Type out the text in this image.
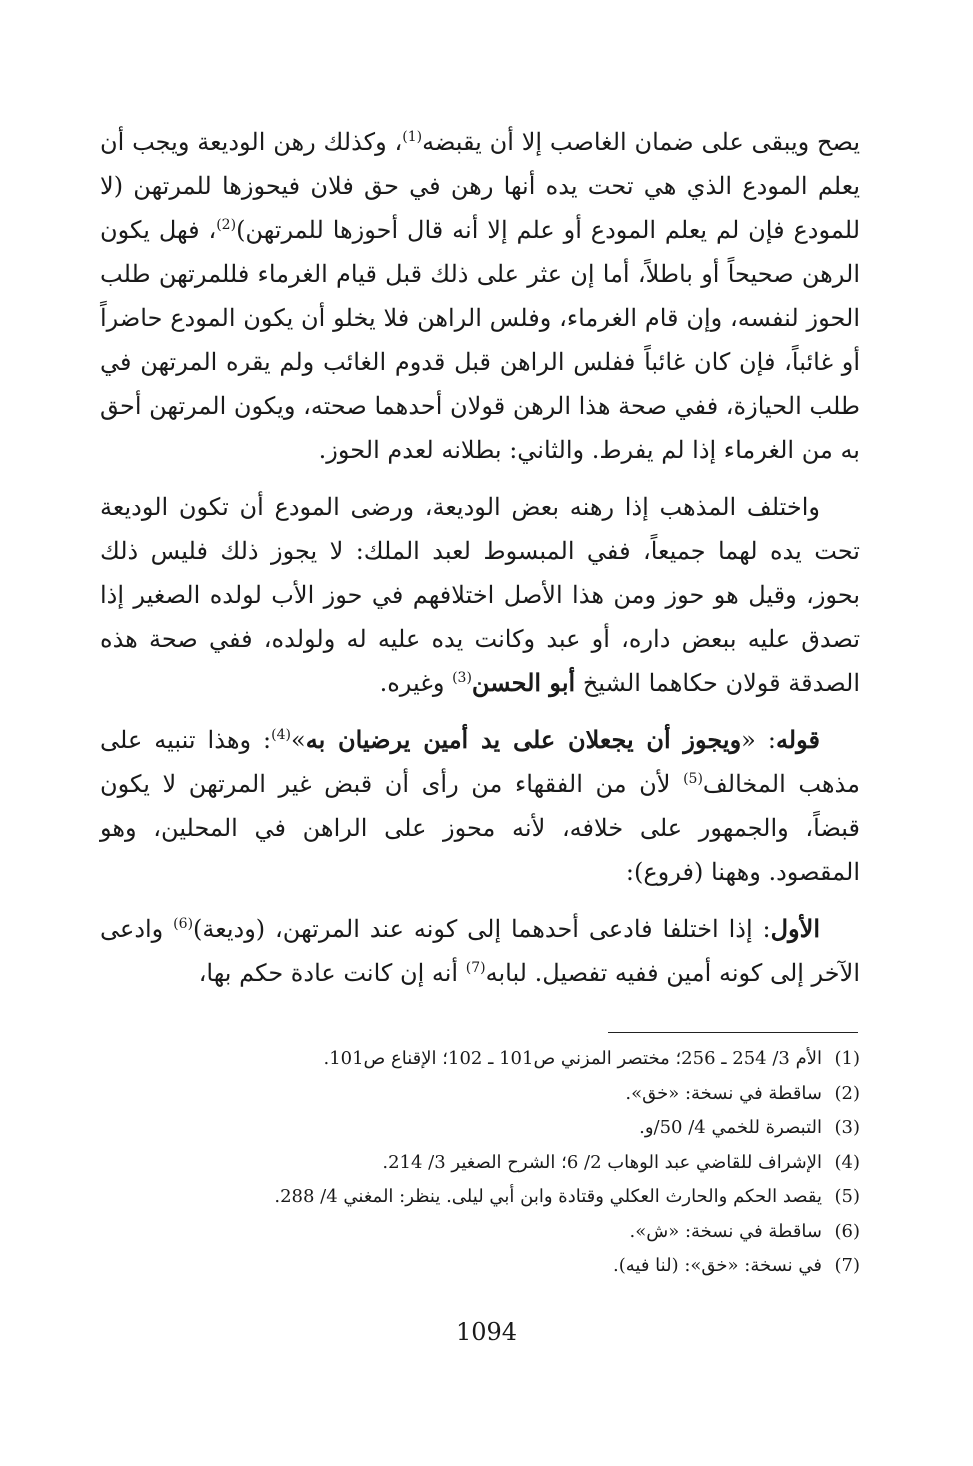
يصح ويبقى على ضمان الغاصب إلا أن يقبضه$^{(1)}$، وكذلك رهن الوديعة ويجب أن يعلم المودع الذي هي تحت يده أنها رهن في حق فلان فيحوزها للمرتهن (لا للمودع فإن لم يعلم المودع أو علم إلا أنه قال أحوزها للمرتهن)$^{(2)}$، فهل يكون الرهن صحيحاً أو باطلاً، أما إن عثر على ذلك قبل قيام الغرماء فللمرتهن طلب الحوز لنفسه، وإن قام الغرماء، وفلس الراهن فلا يخلو أن يكون المودع حاضراً أو غائباً، فإن كان غائباً ففلس الراهن قبل قدوم الغائب ولم يقره المرتهن في طلب الحيازة، ففي صحة هذا الرهن قولان أحدهما صحته، ويكون المرتهن أحق به من الغرماء إذا لم يفرط. والثاني: بطلانه لعدم الحوز.

واختلف المذهب إذا رهنه بعض الوديعة، ورضى المودع أن تكون الوديعة تحت يده لهما جميعاً، ففي المبسوط لعبد الملك: لا يجوز ذلك فليس ذلك بحوز، وقيل هو حوز ومن هذا الأصل اختلافهم في حوز الأب لولده الصغير إذا تصدق عليه ببعض داره، أو عبد وكانت يده عليه له ولولده، ففي صحة هذه الصدقة قولان حكاهما الشيخ أبو الحسن$^{(3)}$ وغيره.

قوله: «ويجوز أن يجعلان على يد أمين يرضيان به»$^{(4)}$: وهذا تنبيه على مذهب المخالف$^{(5)}$ لأن من الفقهاء من رأى أن قبض غير المرتهن لا يكون قبضاً، والجمهور على خلافه، لأنه محوز على الراهن في المحلين، وهو المقصود. وههنا (فروع):

الأول: إذا اختلفا فادعى أحدهما إلى كونه عند المرتهن، (وديعة)$^{(6)}$ وادعى الآخر إلى كونه أمين ففيه تفصيل. لبابه$^{(7)}$ أنه إن كانت عادة حكم بها،

(1)الأم 3/ 254 ـ 256؛ مختصر المزني ص101 ـ 102؛ الإقناع ص101.
(2)ساقطة في نسخة: «خق».
(3)التبصرة للخمي 4/ 50/و.
(4)الإشراف للقاضي عبد الوهاب 2/ 6؛ الشرح الصغير 3/ 214.
(5)يقصد الحكم والحارث العكلي وقتادة وابن أبي ليلى. ينظر: المغني 4/ 288.
(6)ساقطة في نسخة: «ش».
(7)في نسخة: «خق»: (لنا فيه).
1094
